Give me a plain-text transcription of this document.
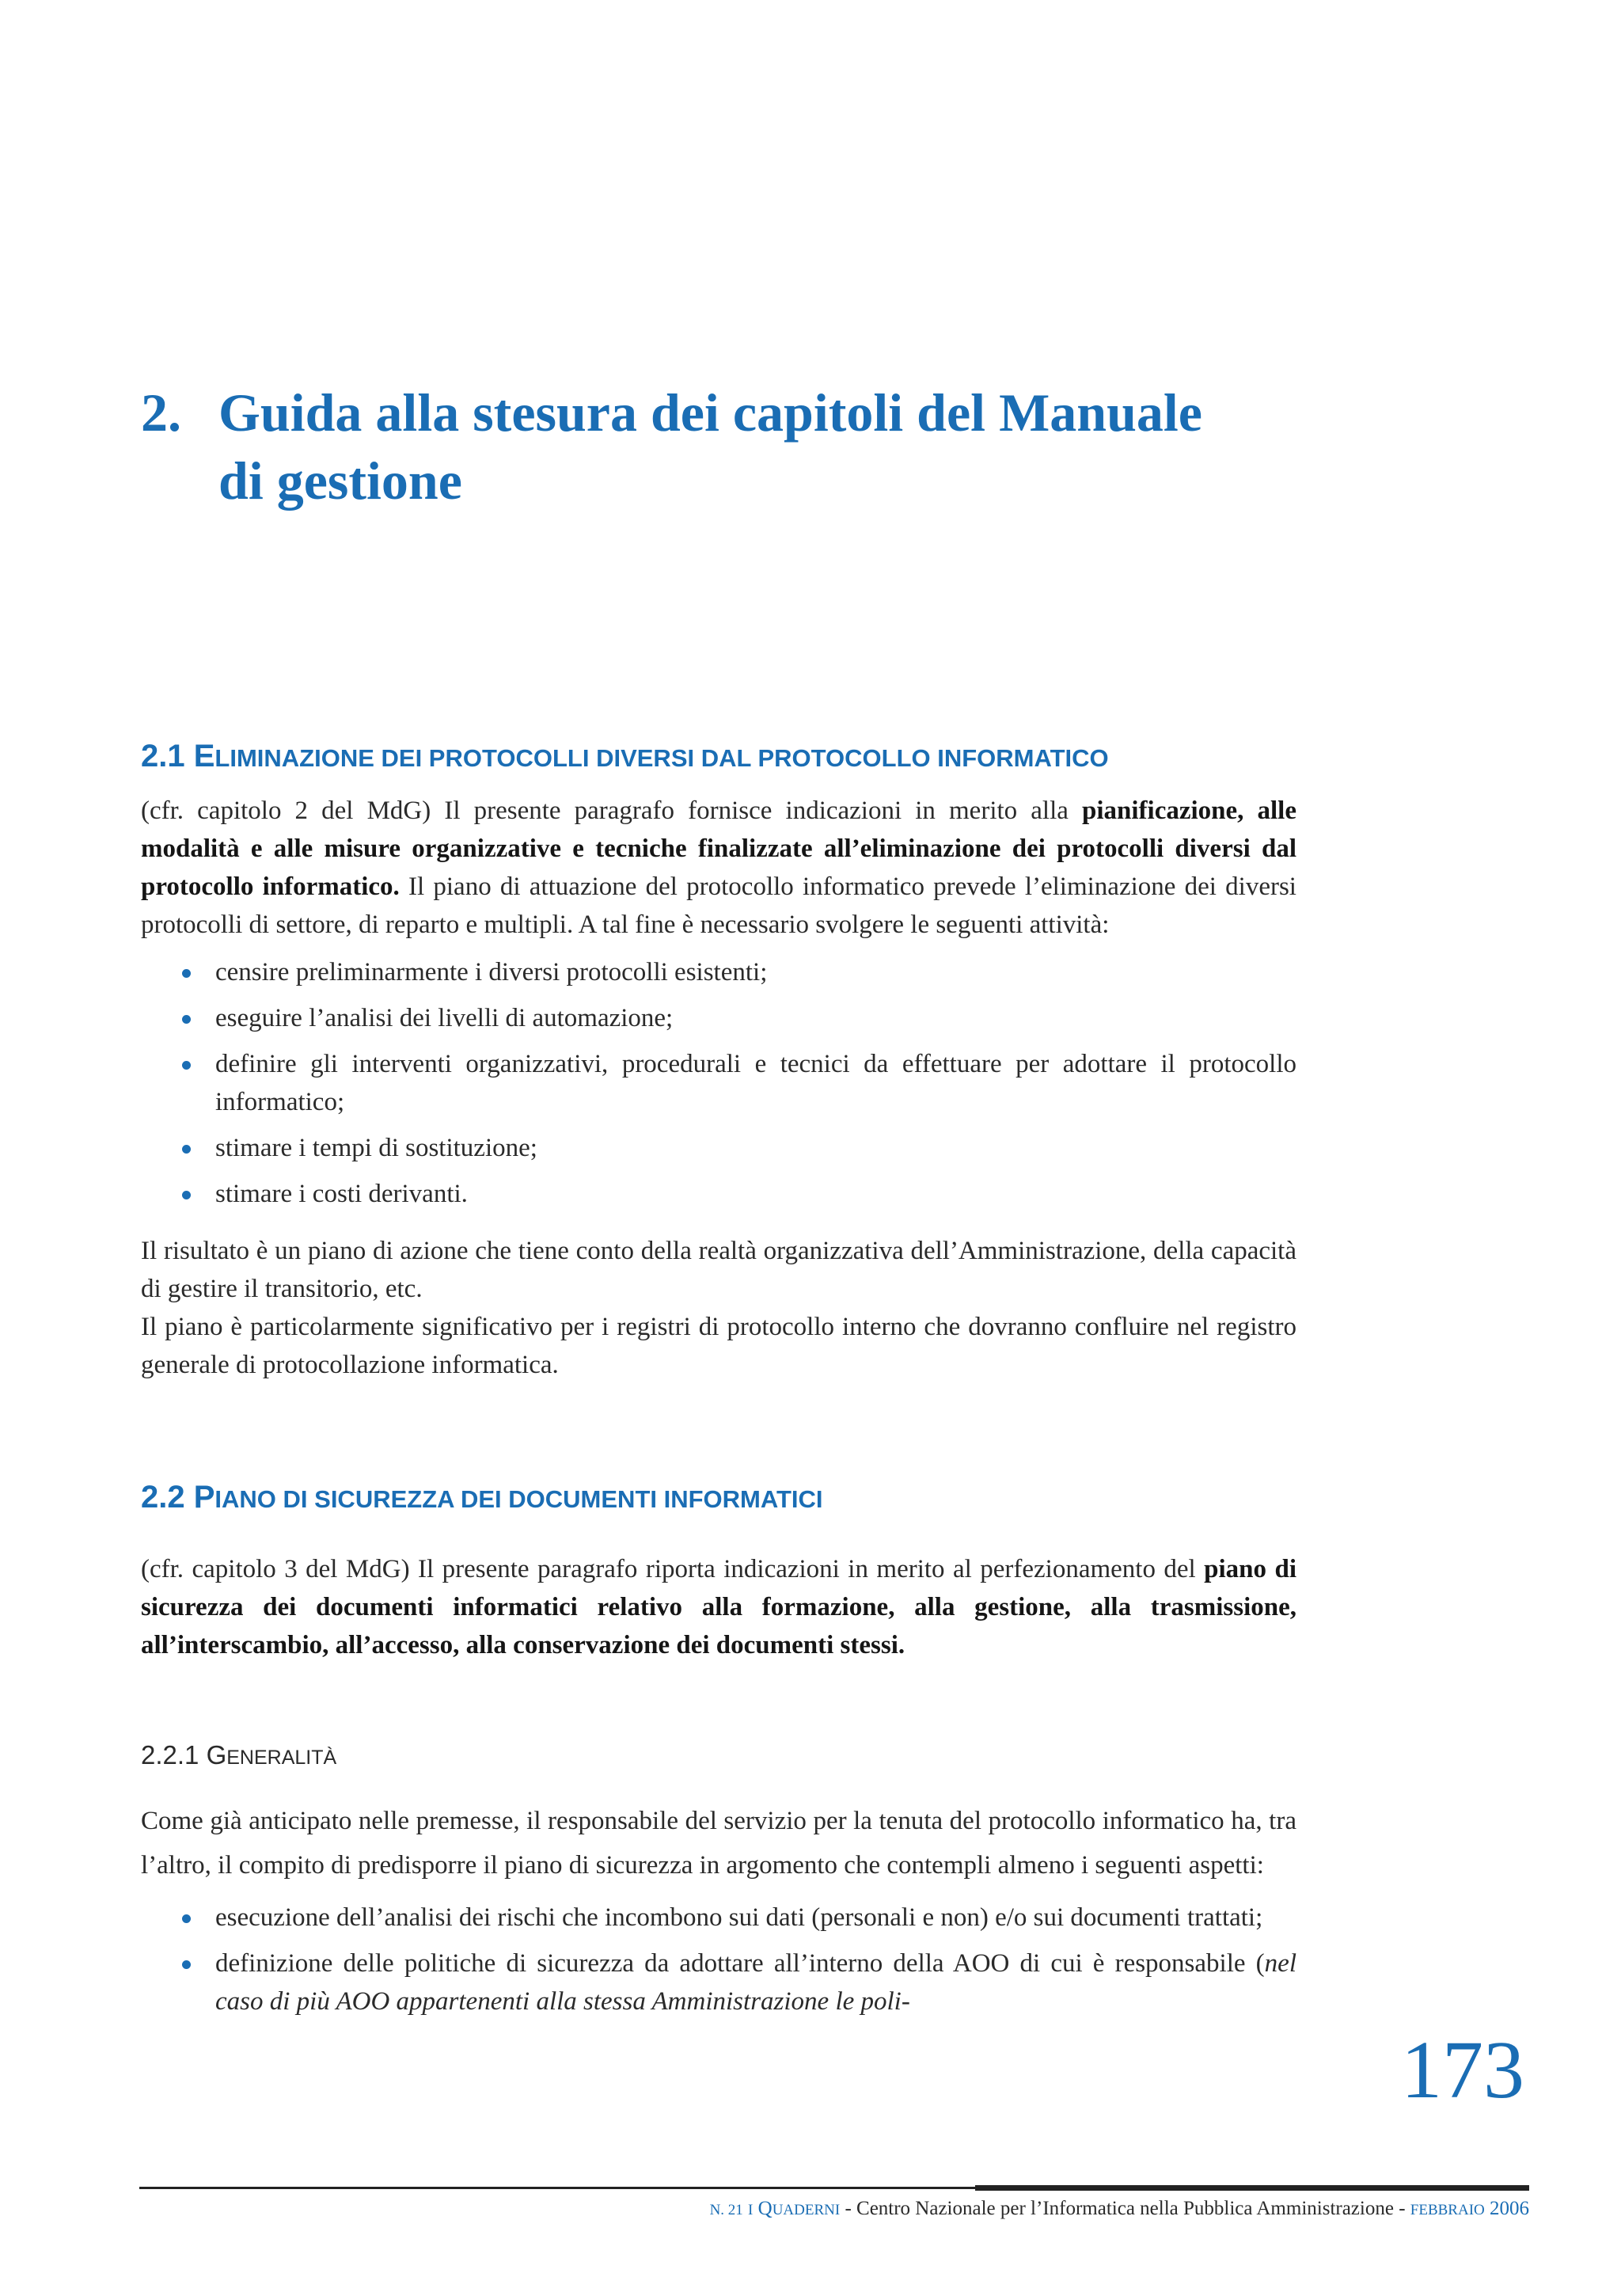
2. Guida alla stesura dei capitoli del Manuale
di gestione
2.1 ELIMINAZIONE DEI PROTOCOLLI DIVERSI DAL PROTOCOLLO INFORMATICO

(cfr. capitolo 2 del MdG) Il presente paragrafo fornisce indicazioni in merito alla pianificazione, alle modalità e alle misure organizzative e tecniche finalizzate all’eliminazione dei protocolli diversi dal protocollo informatico. Il piano di attuazione del protocollo informatico prevede l’eliminazione dei diversi protocolli di settore, di reparto e multipli. A tal fine è necessario svolgere le seguenti attività:

censire preliminarmente i diversi protocolli esistenti;
eseguire l’analisi dei livelli di automazione;
definire gli interventi organizzativi, procedurali e tecnici da effettuare per adottare il protocollo informatico;
stimare i tempi di sostituzione;
stimare i costi derivanti.

Il risultato è un piano di azione che tiene conto della realtà organizzativa dell’Amministrazione, della capacità di gestire il transitorio, etc.

Il piano è particolarmente significativo per i registri di protocollo interno che dovranno confluire nel registro generale di protocollazione informatica.

2.2 PIANO DI SICUREZZA DEI DOCUMENTI INFORMATICI

(cfr. capitolo 3 del MdG) Il presente paragrafo riporta indicazioni in merito al perfezionamento del piano di sicurezza dei documenti informatici relativo alla formazione, alla gestione, alla trasmissione, all’interscambio, all’accesso, alla conservazione dei documenti stessi.

2.2.1 GENERALITÀ

Come già anticipato nelle premesse, il responsabile del servizio per la tenuta del protocollo informatico ha, tra l’altro, il compito di predisporre il piano di sicurezza in argomento che contempli almeno i seguenti aspetti:

esecuzione dell’analisi dei rischi che incombono sui dati (personali e non) e/o sui documenti trattati;
definizione delle politiche di sicurezza da adottare all’interno della AOO di cui è responsabile (nel caso di più AOO appartenenti alla stessa Amministrazione le poli-
173
N. 21 I QUADERNI - Centro Nazionale per l’Informatica nella Pubblica Amministrazione - FEBBRAIO 2006
